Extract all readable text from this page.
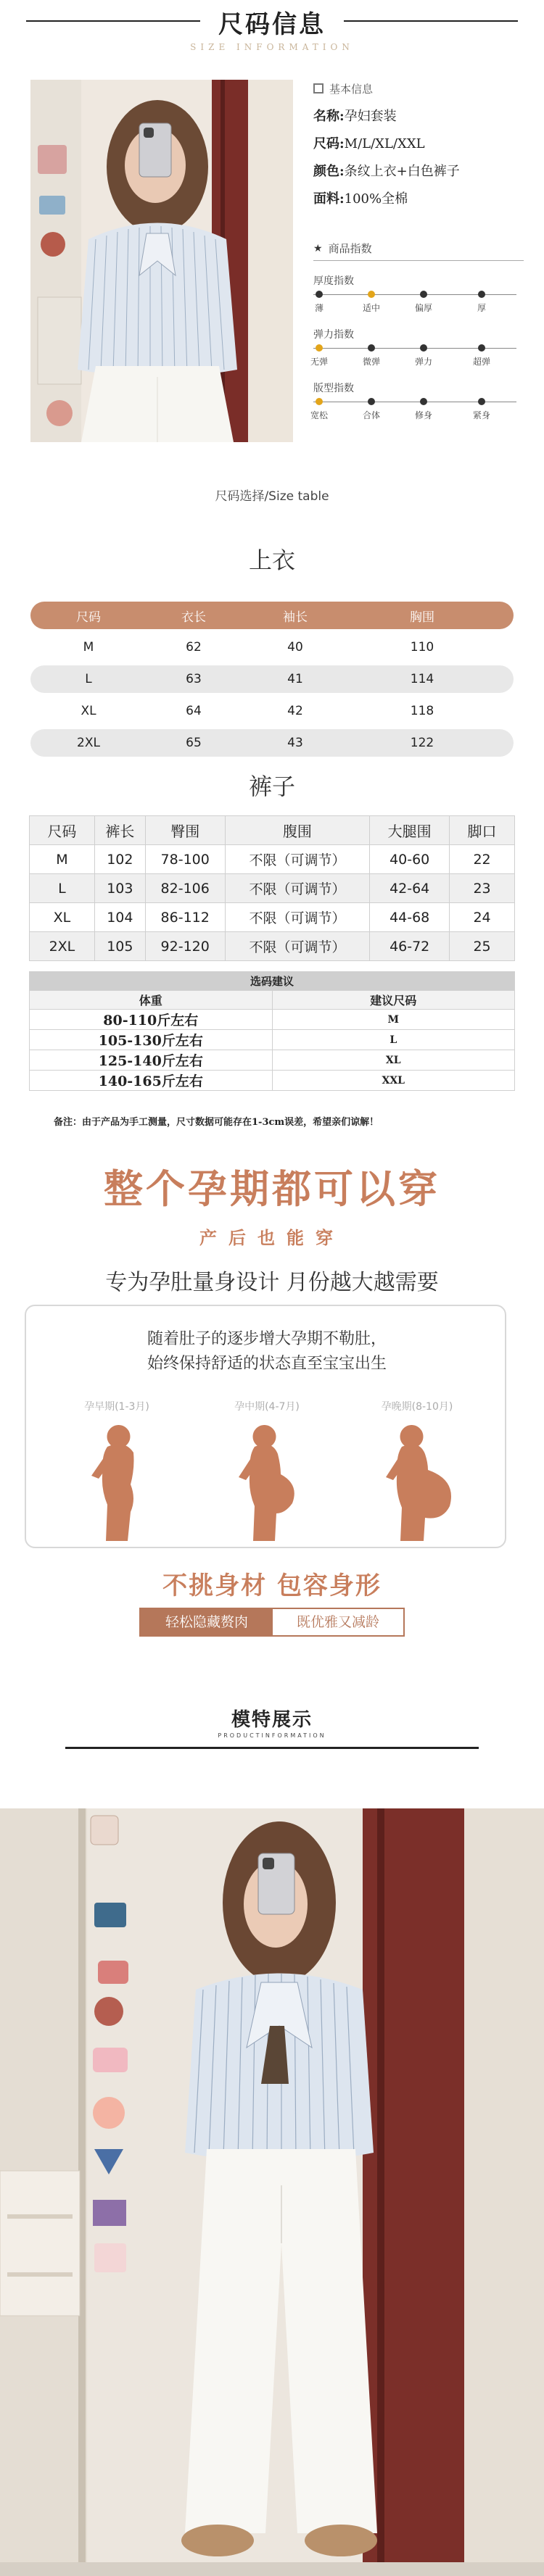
尺码信息
SIZE INFORMATION
基本信息
名称:孕妇套装
尺码:M/L/XL/XXL
颜色:条纹上衣+白色裤子
面料:100%全棉
★ 商品指数
厚度指数
薄	适中	偏厚	厚
弹力指数
无弹	微弹	弹力	超弹
版型指数
宽松	合体	修身	紧身
尺码选择/Size table
上衣
尺码	衣长	袖长	胸围
M	62	40	110
L	63	41	114
XL	64	42	118
2XL	65	43	122
裤子
尺码	裤长	臀围	腹围	大腿围	脚口
M	102	78-100	不限（可调节）	40-60	22
L	103	82-106	不限（可调节）	42-64	23
XL	104	86-112	不限（可调节）	44-68	24
2XL	105	92-120	不限（可调节）	46-72	25
选码建议	
体重	建议尺码
80-110斤左右	M
105-130斤左右	L
125-140斤左右	XL
140-165斤左右	XXL
备注：由于产品为手工测量，尺寸数据可能存在1-3cm误差，希望亲们谅解！
整个孕期都可以穿
产后也能穿
专为孕肚量身设计 月份越大越需要
随着肚子的逐步增大孕期不勒肚，
始终保持舒适的状态直至宝宝出生
孕早期(1-3月)	孕中期(4-7月)	孕晚期(8-10月)
不挑身材 包容身形
轻松隐藏赘肉	既优雅又减龄
模特展示
PRODUCTINFORMATION
